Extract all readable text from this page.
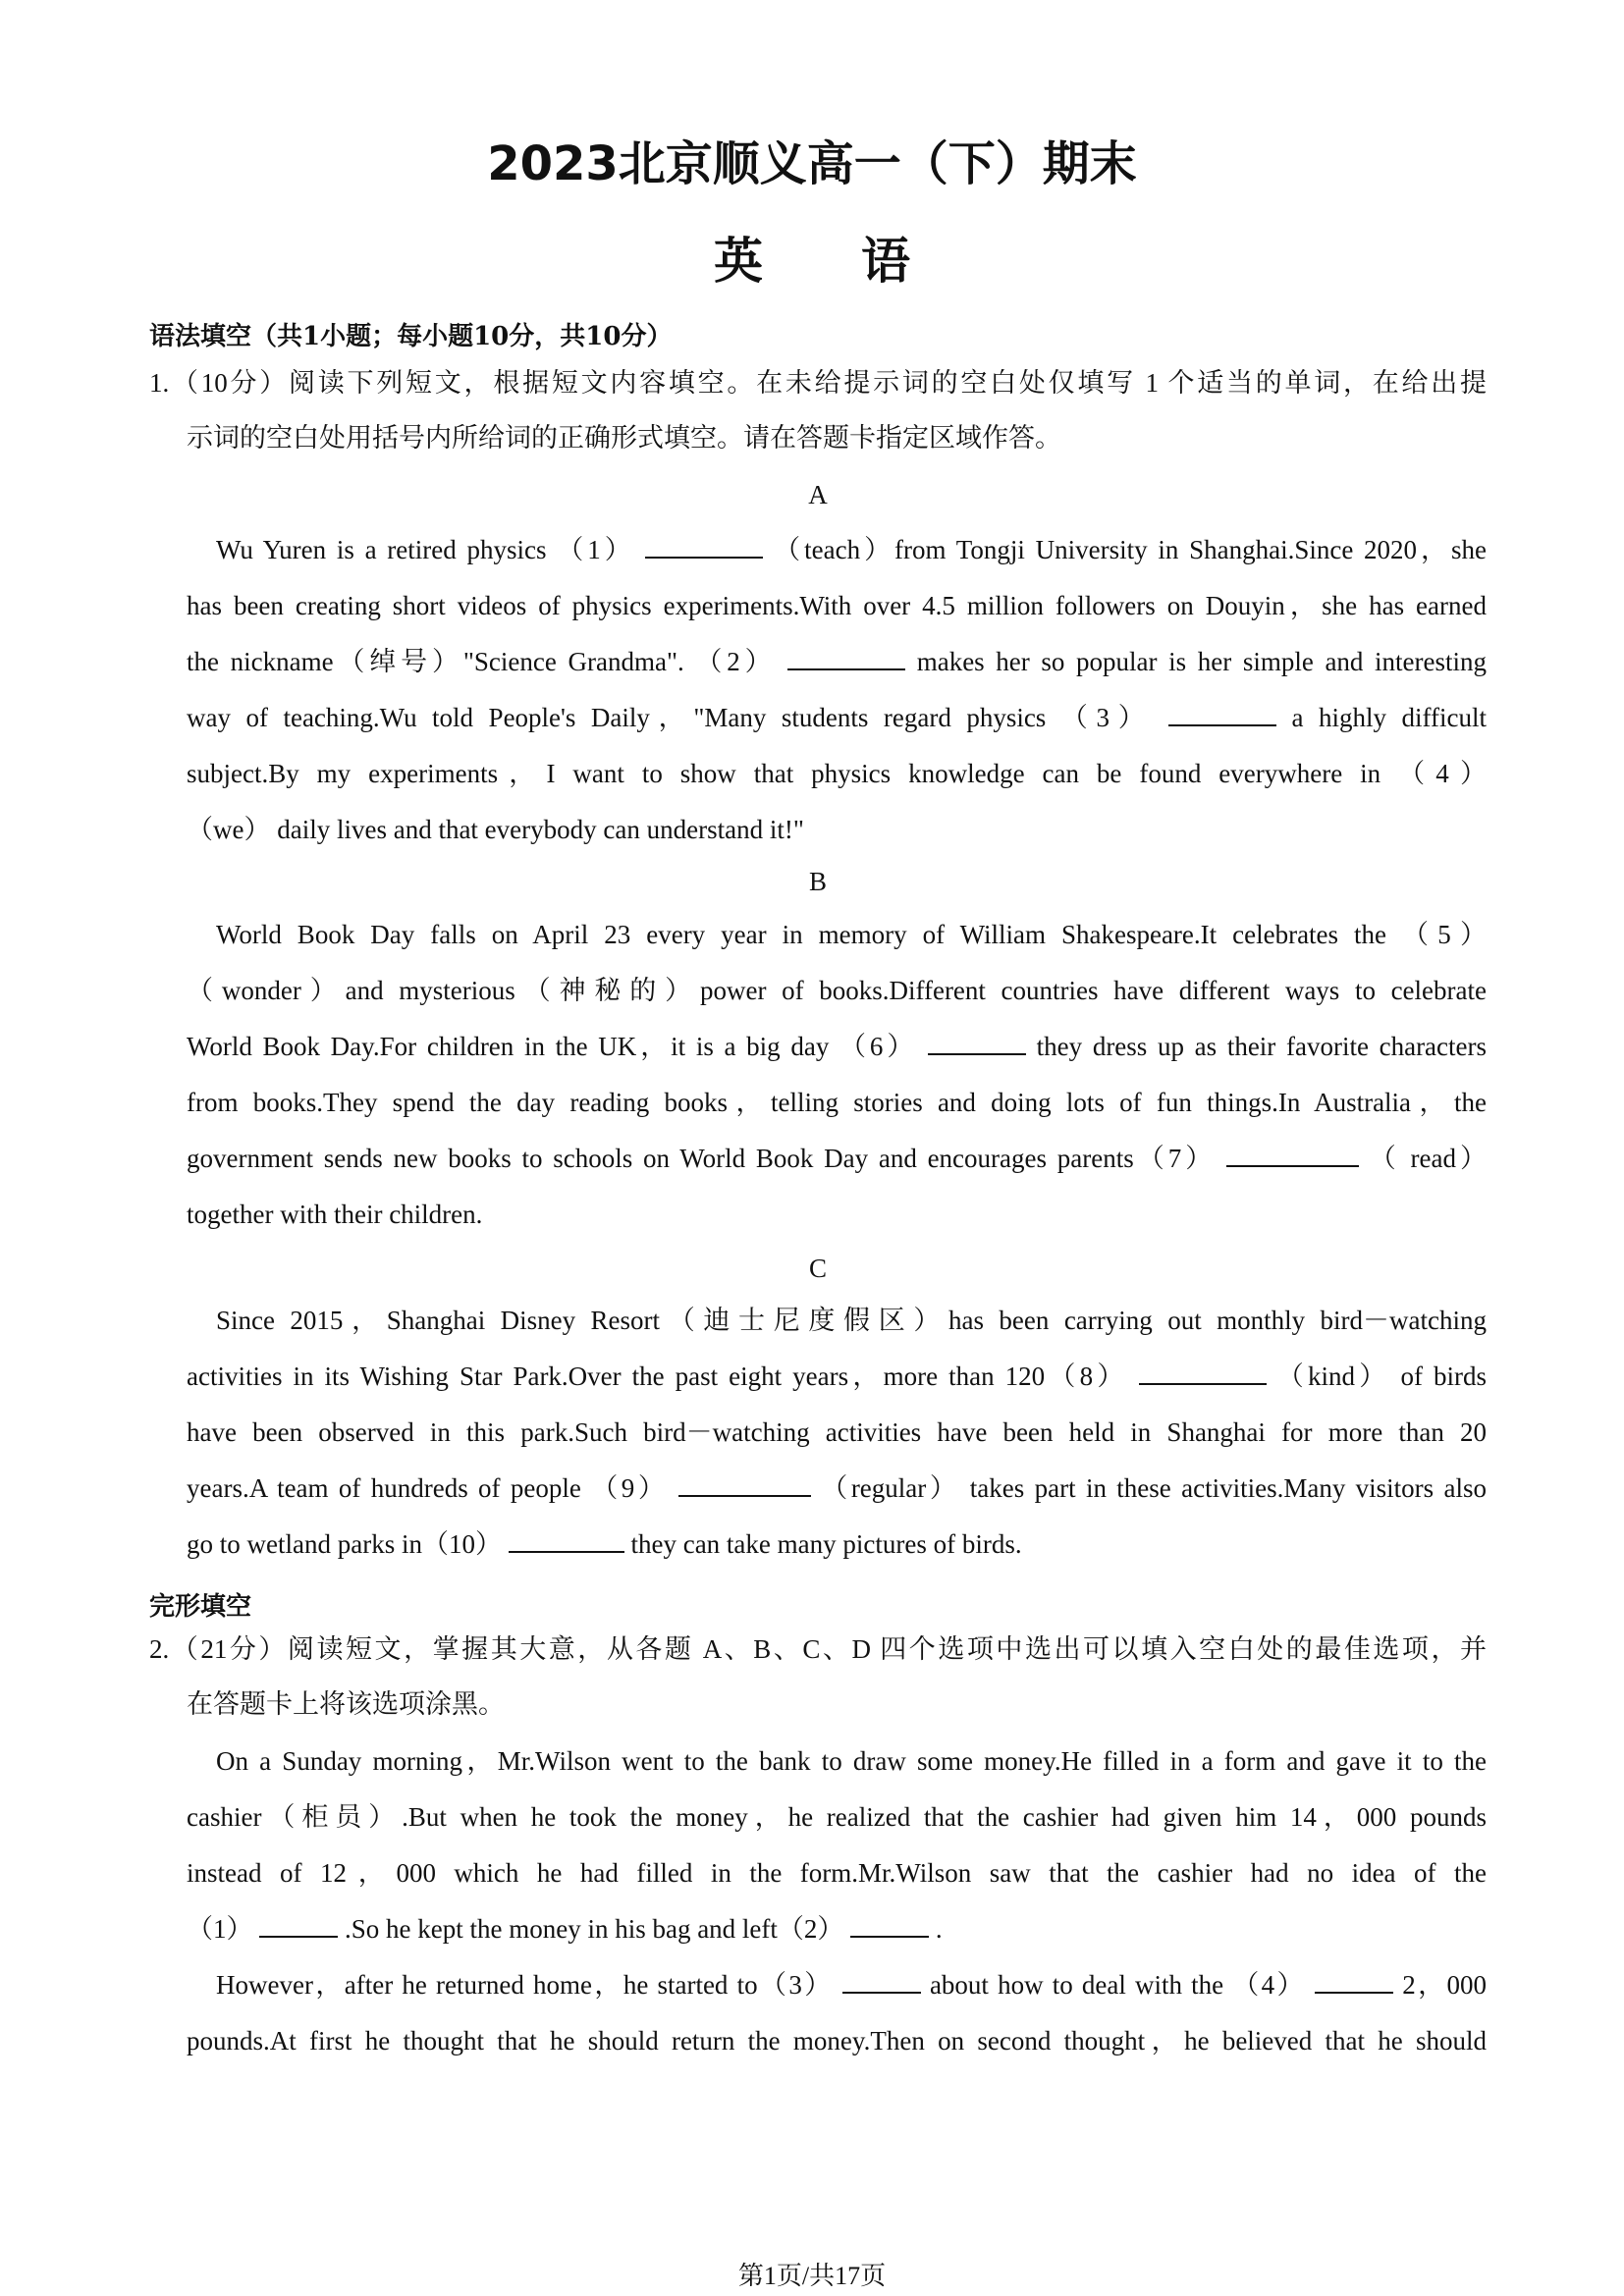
2023北京顺义高一（下）期末
英语
语法填空（共1小题；每小题10分，共10分）
1.（10分）阅读下列短文，根据短文内容填空。在未给提示词的空白处仅填写 1 个适当的单词，在给出提
示词的空白处用括号内所给词的正确形式填空。请在答题卡指定区域作答。
A
Wu Yuren is a retired physics （1）	（teach）from Tongji University in Shanghai.Since 2020，she
has been creating short videos of physics experiments.With over 4.5 million followers on Douyin，she has earned
the nickname（绰号）"Science Grandma". （2）	makes her so popular is her simple and interesting
way of teaching.Wu told People's Daily，"Many students regard physics （3）	a highly difficult
subject.By my experiments，I want to show that physics knowledge can be found everywhere in （4）
（we） daily lives and that everybody can understand it!"
B
World Book Day falls on April 23 every year in memory of William Shakespeare.It celebrates the （5）
（wonder）and mysterious（神秘的）power of books.Different countries have different ways to celebrate
World Book Day.For children in the UK，it is a big day （6）	they dress up as their favorite characters
from books.They spend the day reading books，telling stories and doing lots of fun things.In Australia，the
government sends new books to schools on World Book Day and encourages parents（7）	（ read）
together with their children.
C
Since 2015，Shanghai Disney Resort（迪士尼度假区）has been carrying out monthly bird－watching
activities in its Wishing Star Park.Over the past eight years，more than 120（8）	（kind） of birds
have been observed in this park.Such bird－watching activities have been held in Shanghai for more than 20
years.A team of hundreds of people （9）	（regular） takes part in these activities.Many visitors also
go to wetland parks in（10）	they can take many pictures of birds.
完形填空
2.（21分）阅读短文，掌握其大意，从各题 A、B、C、D 四个选项中选出可以填入空白处的最佳选项，并
在答题卡上将该选项涂黑。
On a Sunday morning，Mr.Wilson went to the bank to draw some money.He filled in a form and gave it to the
cashier（柜员）.But when he took the money，he realized that the cashier had given him 14，000 pounds
instead of 12，000 which he had filled in the form.Mr.Wilson saw that the cashier had no idea of the
（1）	.So he kept the money in his bag and left（2）	.
However，after he returned home，he started to（3）	about how to deal with the （4）	2，000
pounds.At first he thought that he should return the money.Then on second thought，he believed that he should
第1页/共17页
